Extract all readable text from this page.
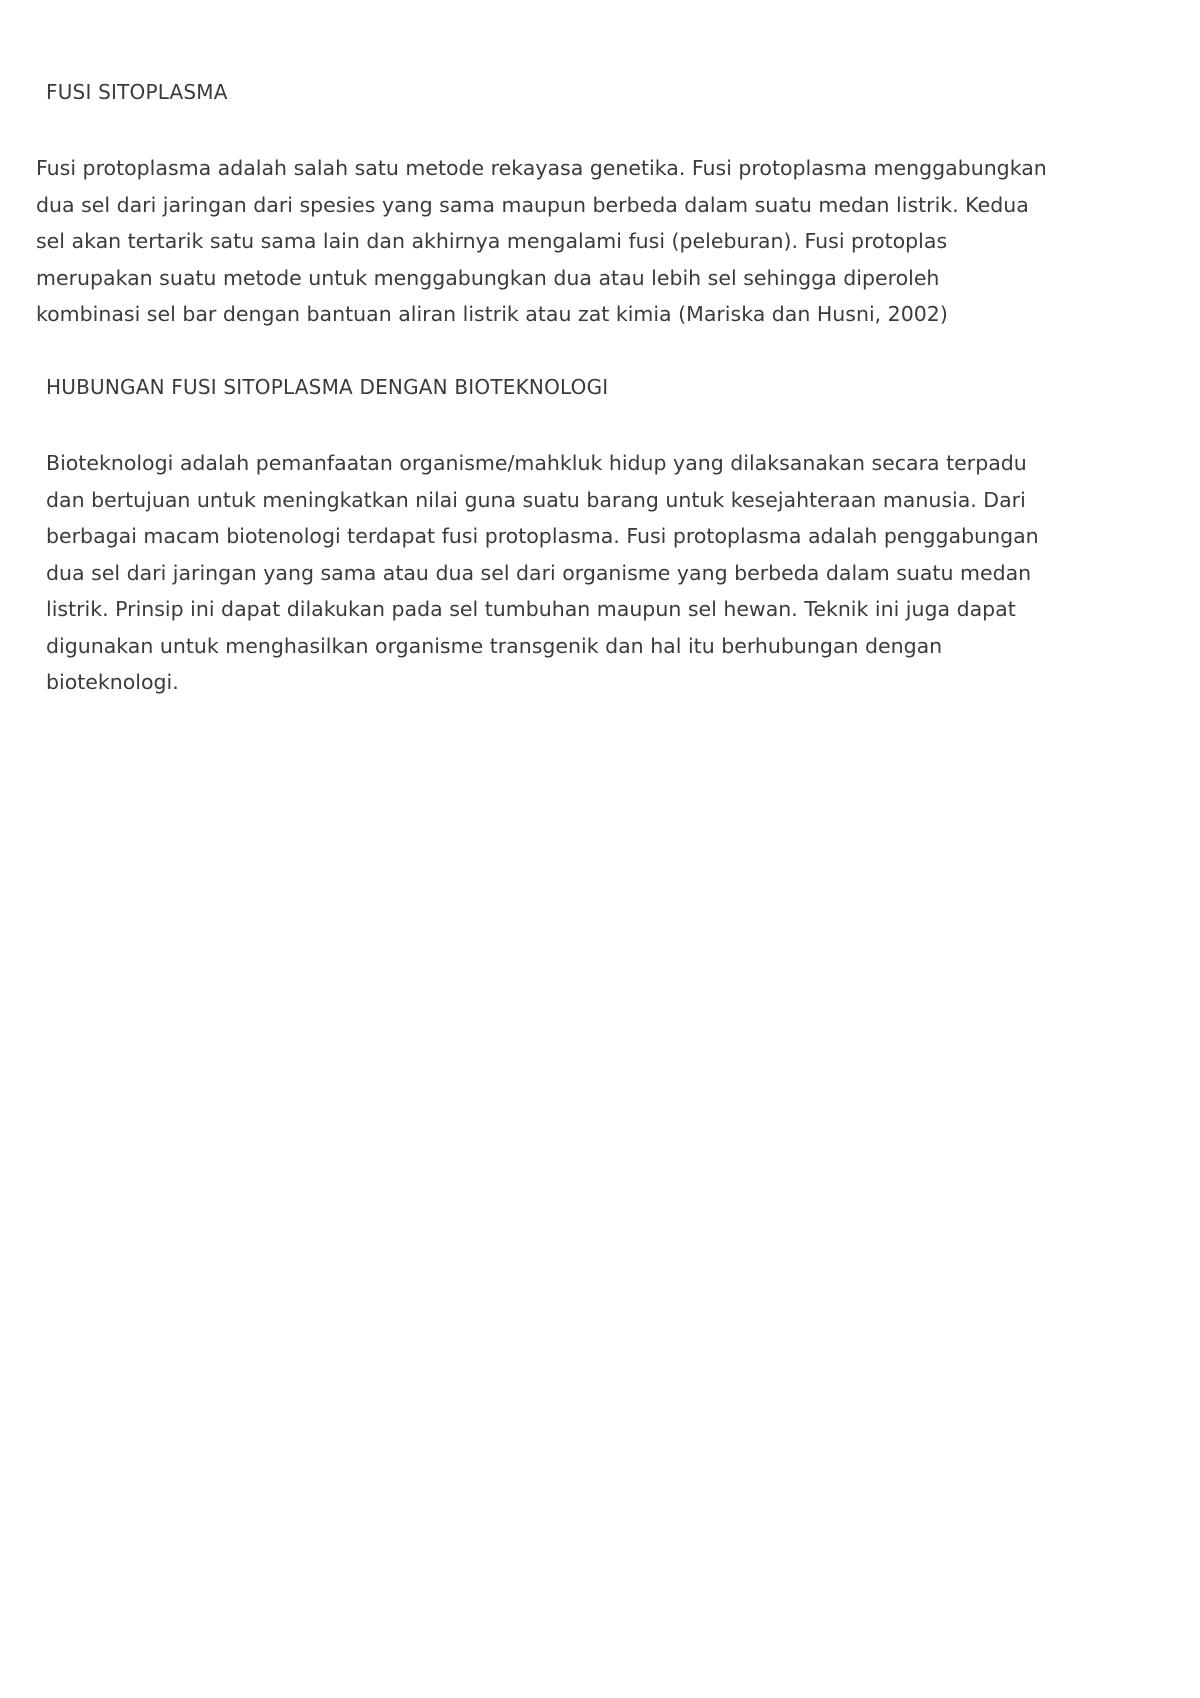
FUSI SITOPLASMA

Fusi protoplasma adalah salah satu metode rekayasa genetika. Fusi protoplasma menggabungkan
dua sel dari jaringan dari spesies yang sama maupun berbeda dalam suatu medan listrik. Kedua
sel akan tertarik satu sama lain dan akhirnya mengalami fusi (peleburan). Fusi protoplas
merupakan suatu metode untuk menggabungkan dua atau lebih sel sehingga diperoleh
kombinasi sel bar dengan bantuan aliran listrik atau zat kimia (Mariska dan Husni, 2002)

HUBUNGAN FUSI SITOPLASMA DENGAN BIOTEKNOLOGI

Bioteknologi adalah pemanfaatan organisme/mahkluk hidup yang dilaksanakan secara terpadu
dan bertujuan untuk meningkatkan nilai guna suatu barang untuk kesejahteraan manusia. Dari
berbagai macam biotenologi terdapat fusi protoplasma. Fusi protoplasma adalah penggabungan
dua sel dari jaringan yang sama atau dua sel dari organisme yang berbeda dalam suatu medan
listrik. Prinsip ini dapat dilakukan pada sel tumbuhan maupun sel hewan. Teknik ini juga dapat
digunakan untuk menghasilkan organisme transgenik dan hal itu berhubungan dengan
bioteknologi.
